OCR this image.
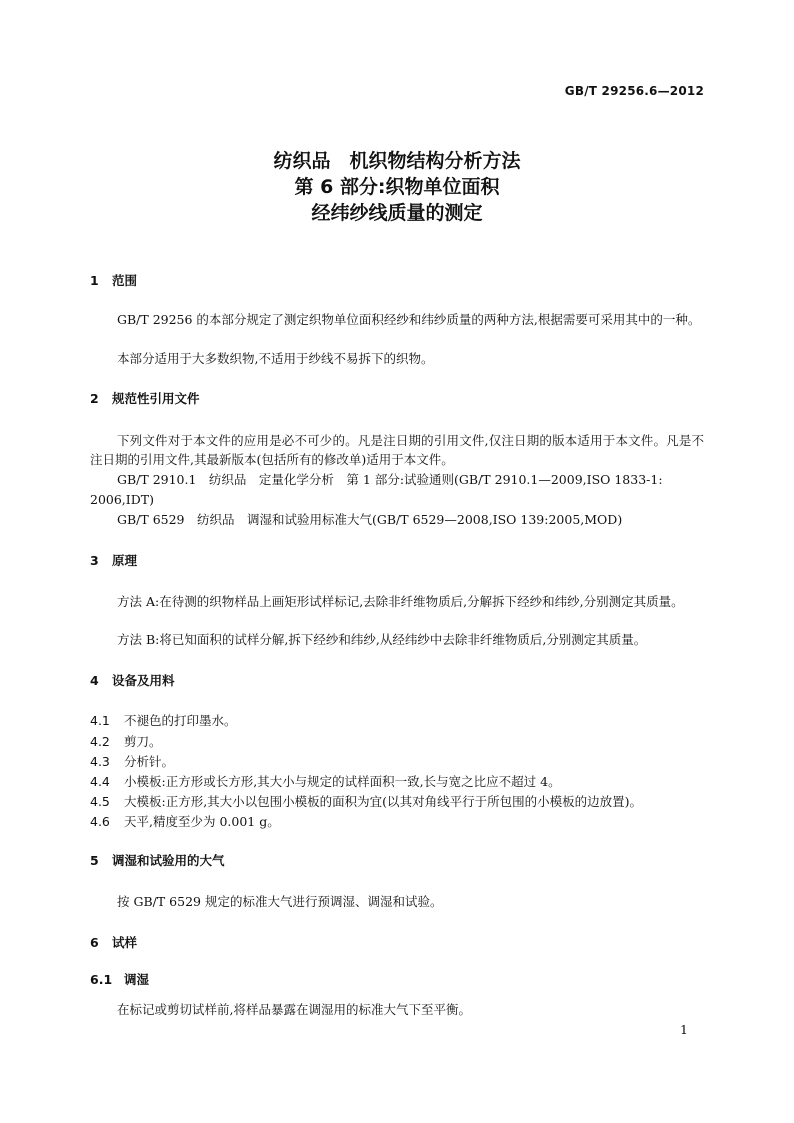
GB/T 29256.6—2012
纺织品　机织物结构分析方法
第 6 部分:织物单位面积
经纬纱线质量的测定
1 范围
GB/T 29256 的本部分规定了测定织物单位面积经纱和纬纱质量的两种方法,根据需要可采用其中的一种。
本部分适用于大多数织物,不适用于纱线不易拆下的织物。
2 规范性引用文件
下列文件对于本文件的应用是必不可少的。凡是注日期的引用文件,仅注日期的版本适用于本文件。凡是不注日期的引用文件,其最新版本(包括所有的修改单)适用于本文件。
GB/T 2910.1　纺织品　定量化学分析　第 1 部分:试验通则(GB/T 2910.1—2009,ISO 1833-1:
2006,IDT)
GB/T 6529　纺织品　调湿和试验用标准大气(GB/T 6529—2008,ISO 139:2005,MOD)
3 原理
方法 A:在待测的织物样品上画矩形试样标记,去除非纤维物质后,分解拆下经纱和纬纱,分别测定其质量。
方法 B:将已知面积的试样分解,拆下经纱和纬纱,从经纬纱中去除非纤维物质后,分别测定其质量。
4 设备及用料
4.1 不褪色的打印墨水。
4.2 剪刀。
4.3 分析针。
4.4 小模板:正方形或长方形,其大小与规定的试样面积一致,长与宽之比应不超过 4。
4.5 大模板:正方形,其大小以包围小模板的面积为宜(以其对角线平行于所包围的小模板的边放置)。
4.6 天平,精度至少为 0.001 g。
5 调湿和试验用的大气
按 GB/T 6529 规定的标准大气进行预调湿、调湿和试验。
6 试样
6.1 调湿
在标记或剪切试样前,将样品暴露在调湿用的标准大气下至平衡。
1
